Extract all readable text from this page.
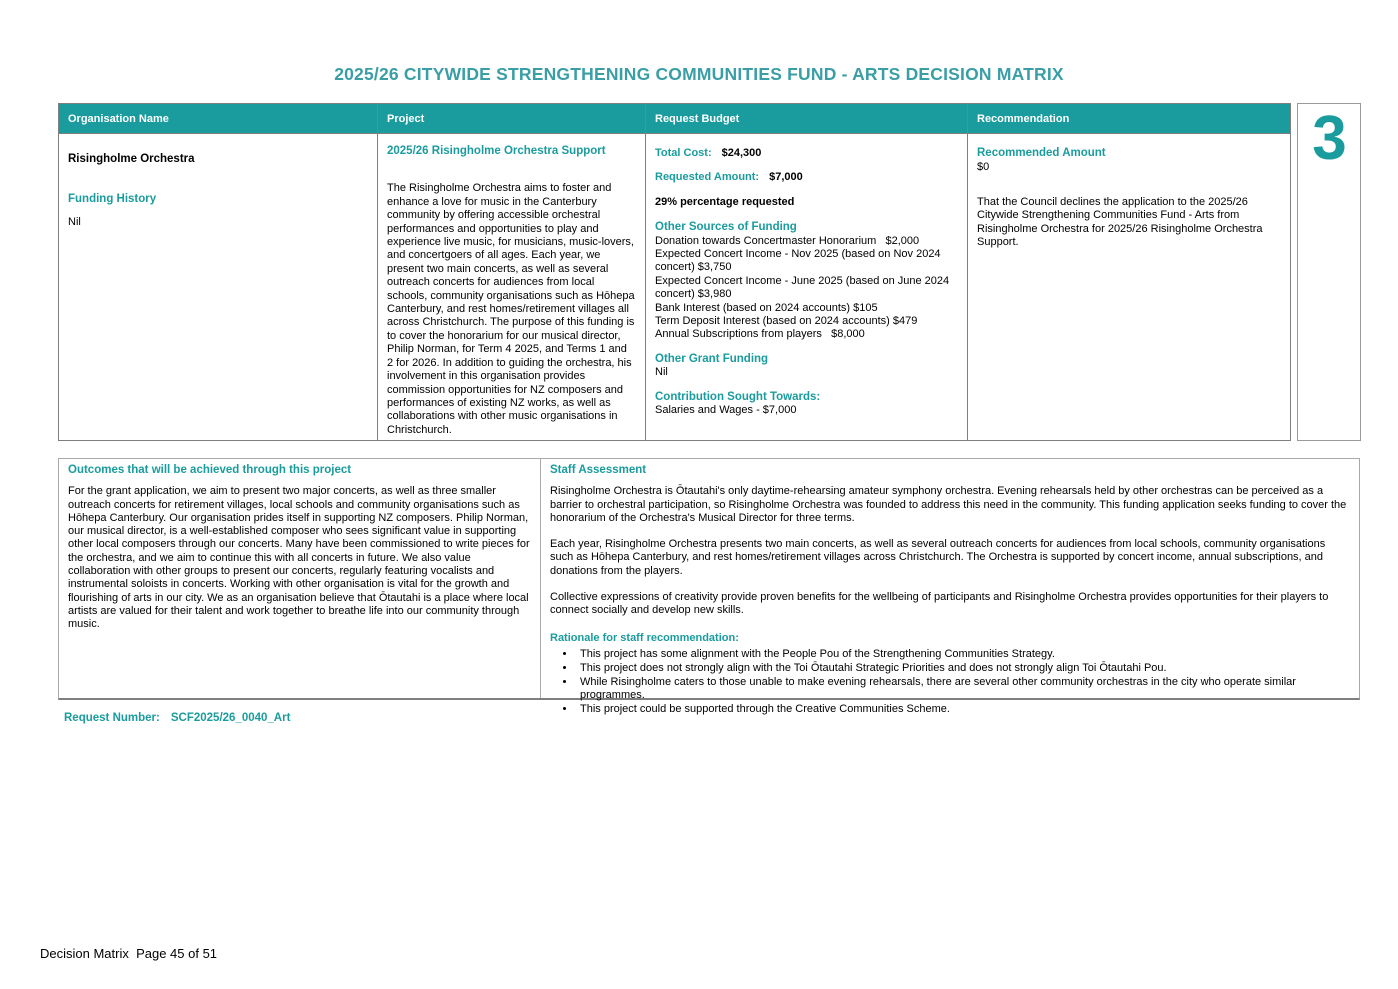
2025/26 CITYWIDE STRENGTHENING COMMUNITIES FUND - ARTS DECISION MATRIX
Organisation Name
Risingholme Orchestra
Funding History
Nil
Project
2025/26 Risingholme Orchestra Support
The Risingholme Orchestra aims to foster and enhance a love for music in the Canterbury community by offering accessible orchestral performances and opportunities to play and experience live music, for musicians, music-lovers, and concertgoers of all ages. Each year, we present two main concerts, as well as several outreach concerts for audiences from local schools, community organisations such as Hōhepa Canterbury, and rest homes/retirement villages all across Christchurch. The purpose of this funding is to cover the honorarium for our musical director, Philip Norman, for Term 4 2025, and Terms 1 and 2 for 2026. In addition to guiding the orchestra, his involvement in this organisation provides commission opportunities for NZ composers and performances of existing NZ works, as well as collaborations with other music organisations in Christchurch.
Request Budget
Total Cost: $24,300
Requested Amount: $7,000
29% percentage requested
Other Sources of Funding
Donation towards Concertmaster Honorarium   $2,000
Expected Concert Income - Nov 2025 (based on Nov 2024 concert) $3,750
Expected Concert Income - June 2025 (based on June 2024 concert) $3,980
Bank Interest (based on 2024 accounts) $105
Term Deposit Interest (based on 2024 accounts) $479
Annual Subscriptions from players   $8,000
Other Grant Funding
Nil
Contribution Sought Towards:
Salaries and Wages - $7,000
Recommendation
Recommended Amount
$0
That the Council declines the application to the 2025/26 Citywide Strengthening Communities Fund - Arts from Risingholme Orchestra for 2025/26 Risingholme Orchestra Support.
3
Outcomes that will be achieved through this project

For the grant application, we aim to present two major concerts, as well as three smaller outreach concerts for retirement villages, local schools and community organisations such as Hōhepa Canterbury. Our organisation prides itself in supporting NZ composers. Philip Norman, our musical director, is a well-established composer who sees significant value in supporting other local composers through our concerts. Many have been commissioned to write pieces for the orchestra, and we aim to continue this with all concerts in future. We also value collaboration with other groups to present our concerts, regularly featuring vocalists and instrumental soloists in concerts. Working with other organisation is vital for the growth and flourishing of arts in our city. We as an organisation believe that Ōtautahi is a place where local artists are valued for their talent and work together to breathe life into our community through music.

Staff Assessment

Risingholme Orchestra is Ōtautahi's only daytime-rehearsing amateur symphony orchestra. Evening rehearsals held by other orchestras can be perceived as a barrier to orchestral participation, so Risingholme Orchestra was founded to address this need in the community. This funding application seeks funding to cover the honorarium of the Orchestra's Musical Director for three terms.

Each year, Risingholme Orchestra presents two main concerts, as well as several outreach concerts for audiences from local schools, community organisations such as Hōhepa Canterbury, and rest homes/retirement villages across Christchurch. The Orchestra is supported by concert income, annual subscriptions, and donations from the players.

Collective expressions of creativity provide proven benefits for the wellbeing of participants and Risingholme Orchestra provides opportunities for their players to connect socially and develop new skills.

Rationale for staff recommendation:
• This project has some alignment with the People Pou of the Strengthening Communities Strategy.
• This project does not strongly align with the Toi Ōtautahi Strategic Priorities and does not strongly align Toi Ōtautahi Pou.
• While Risingholme caters to those unable to make evening rehearsals, there are several other community orchestras in the city who operate similar programmes.
• This project could be supported through the Creative Communities Scheme.
Request Number: SCF2025/26_0040_Art
Decision Matrix  Page 45 of 51
